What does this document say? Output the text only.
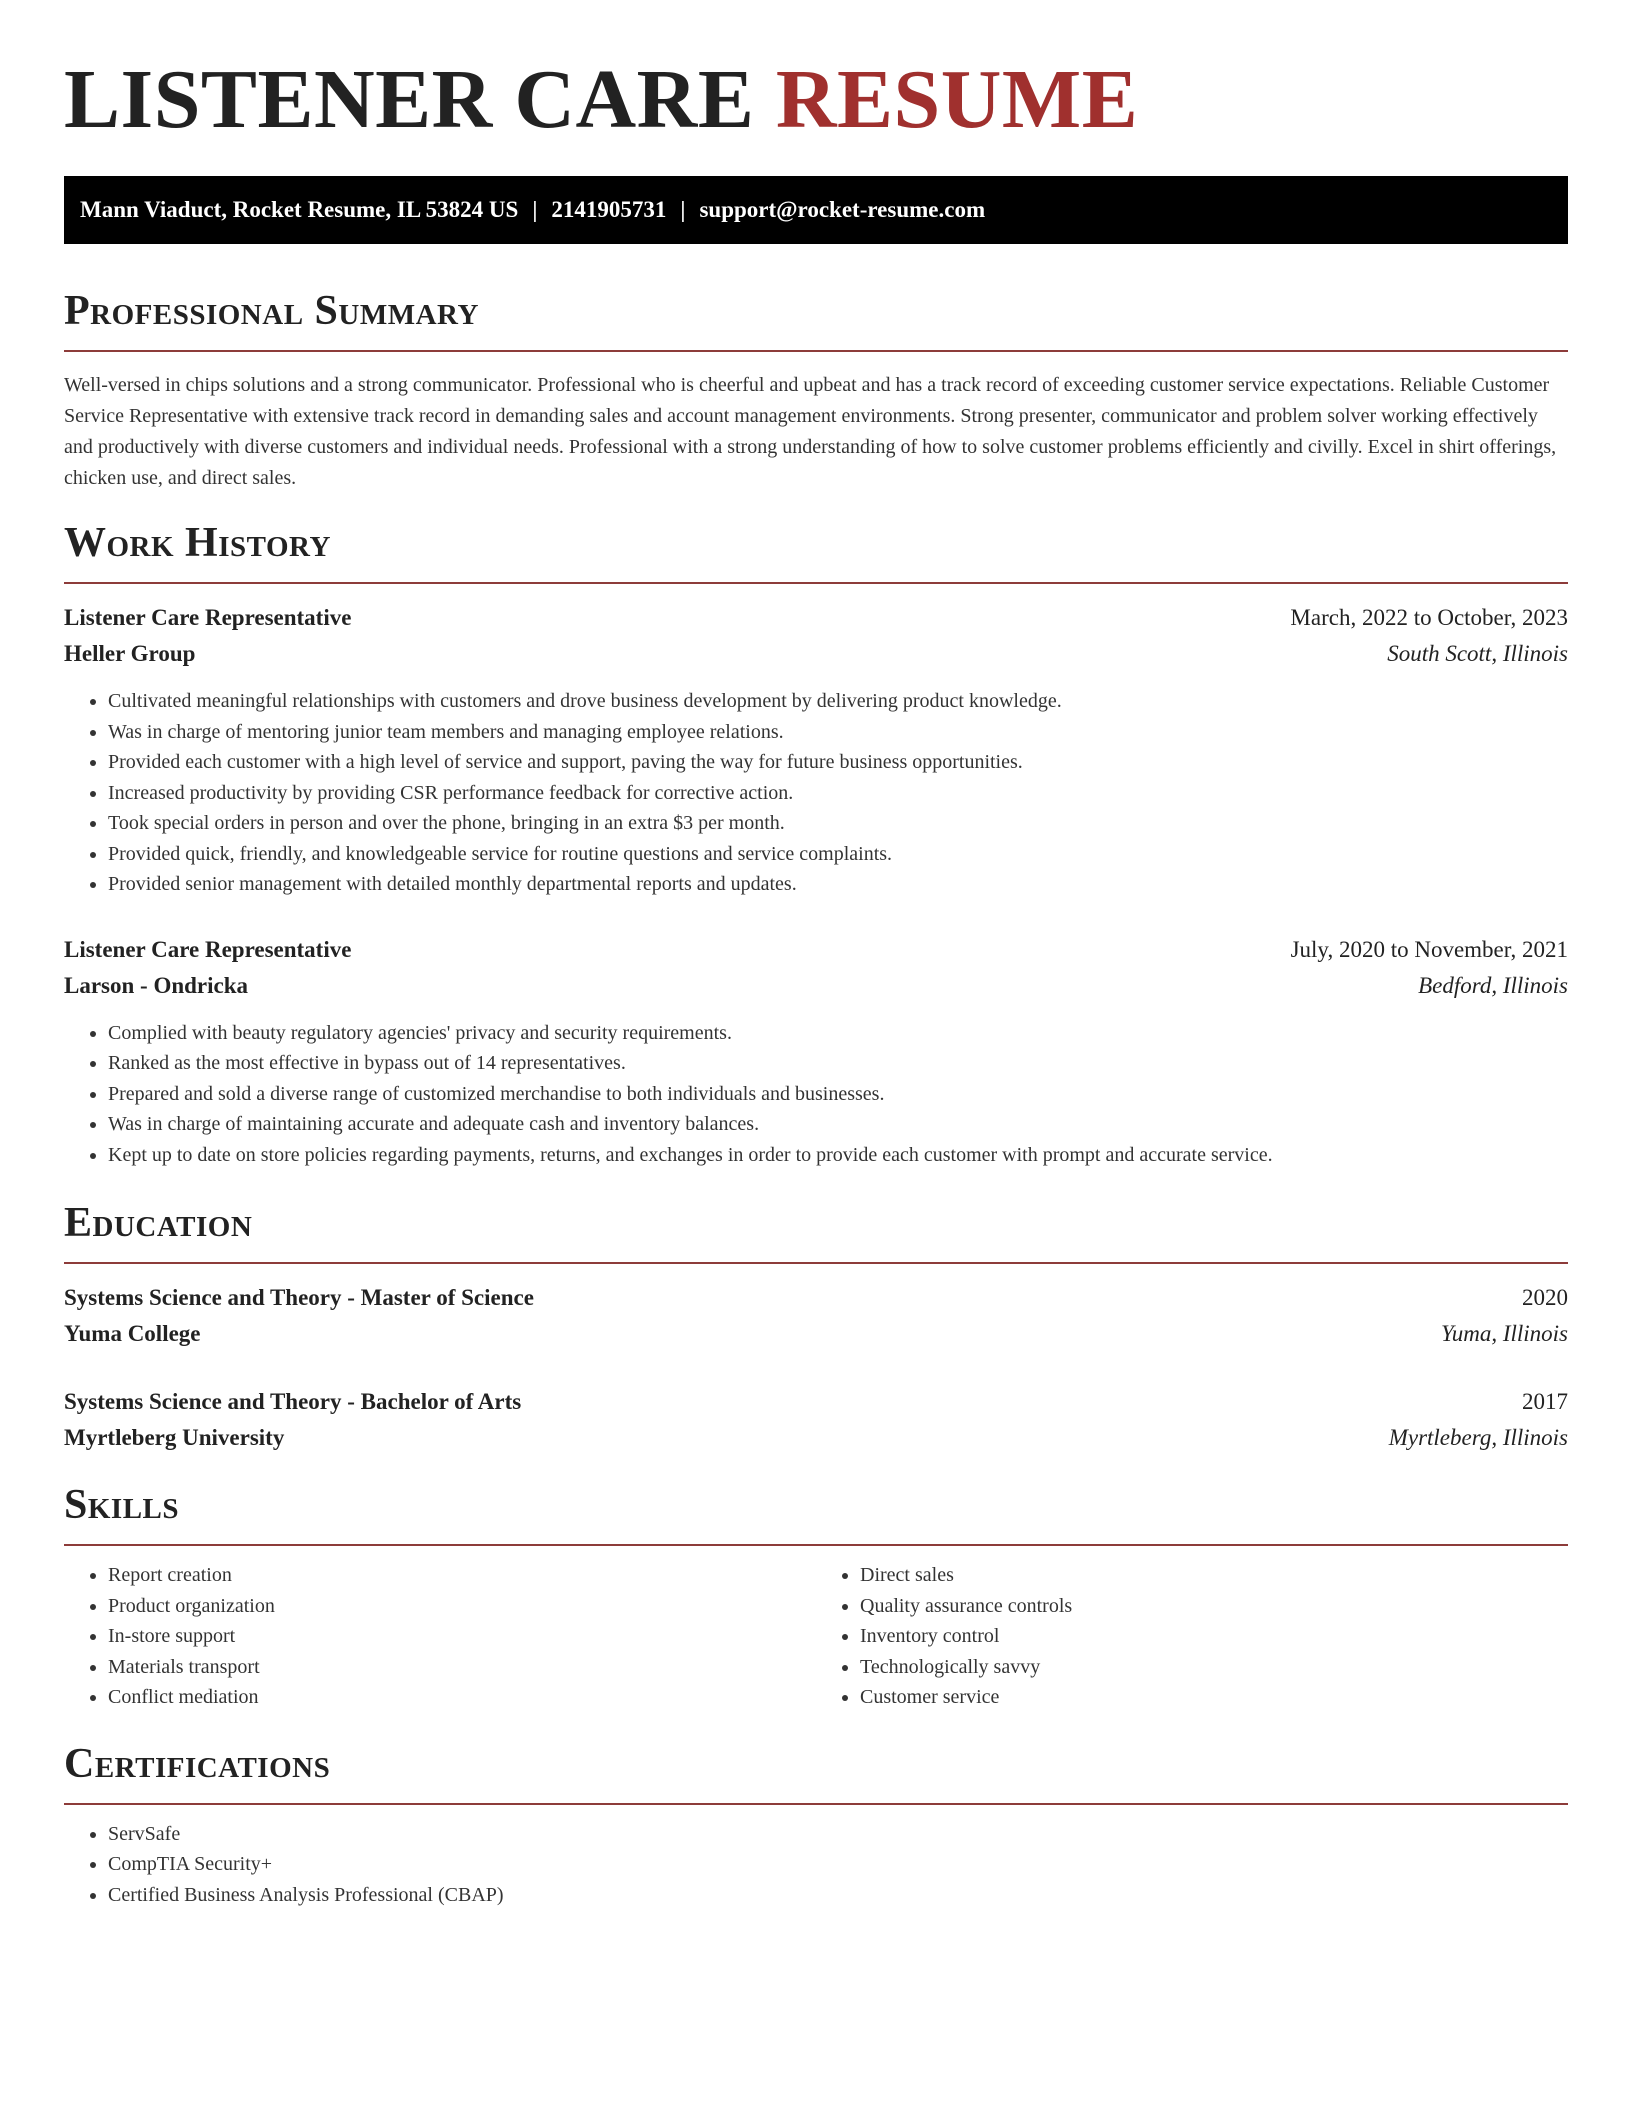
LISTENER CARE RESUME
Mann Viaduct, Rocket Resume, IL 53824 US | 2141905731 | support@rocket-resume.com
Professional Summary
Well-versed in chips solutions and a strong communicator. Professional who is cheerful and upbeat and has a track record of exceeding customer service expectations. Reliable Customer Service Representative with extensive track record in demanding sales and account management environments. Strong presenter, communicator and problem solver working effectively and productively with diverse customers and individual needs. Professional with a strong understanding of how to solve customer problems efficiently and civilly. Excel in shirt offerings, chicken use, and direct sales.
Work History
Listener Care Representative	March, 2022 to October, 2023
Heller Group	South Scott, Illinois
• Cultivated meaningful relationships with customers and drove business development by delivering product knowledge.
• Was in charge of mentoring junior team members and managing employee relations.
• Provided each customer with a high level of service and support, paving the way for future business opportunities.
• Increased productivity by providing CSR performance feedback for corrective action.
• Took special orders in person and over the phone, bringing in an extra $3 per month.
• Provided quick, friendly, and knowledgeable service for routine questions and service complaints.
• Provided senior management with detailed monthly departmental reports and updates.
Listener Care Representative	July, 2020 to November, 2021
Larson - Ondricka	Bedford, Illinois
• Complied with beauty regulatory agencies' privacy and security requirements.
• Ranked as the most effective in bypass out of 14 representatives.
• Prepared and sold a diverse range of customized merchandise to both individuals and businesses.
• Was in charge of maintaining accurate and adequate cash and inventory balances.
• Kept up to date on store policies regarding payments, returns, and exchanges in order to provide each customer with prompt and accurate service.
Education
Systems Science and Theory - Master of Science	2020
Yuma College	Yuma, Illinois
Systems Science and Theory - Bachelor of Arts	2017
Myrtleberg University	Myrtleberg, Illinois
Skills
• Report creation
• Product organization
• In-store support
• Materials transport
• Conflict mediation
• Direct sales
• Quality assurance controls
• Inventory control
• Technologically savvy
• Customer service
Certifications
• ServSafe
• CompTIA Security+
• Certified Business Analysis Professional (CBAP)
